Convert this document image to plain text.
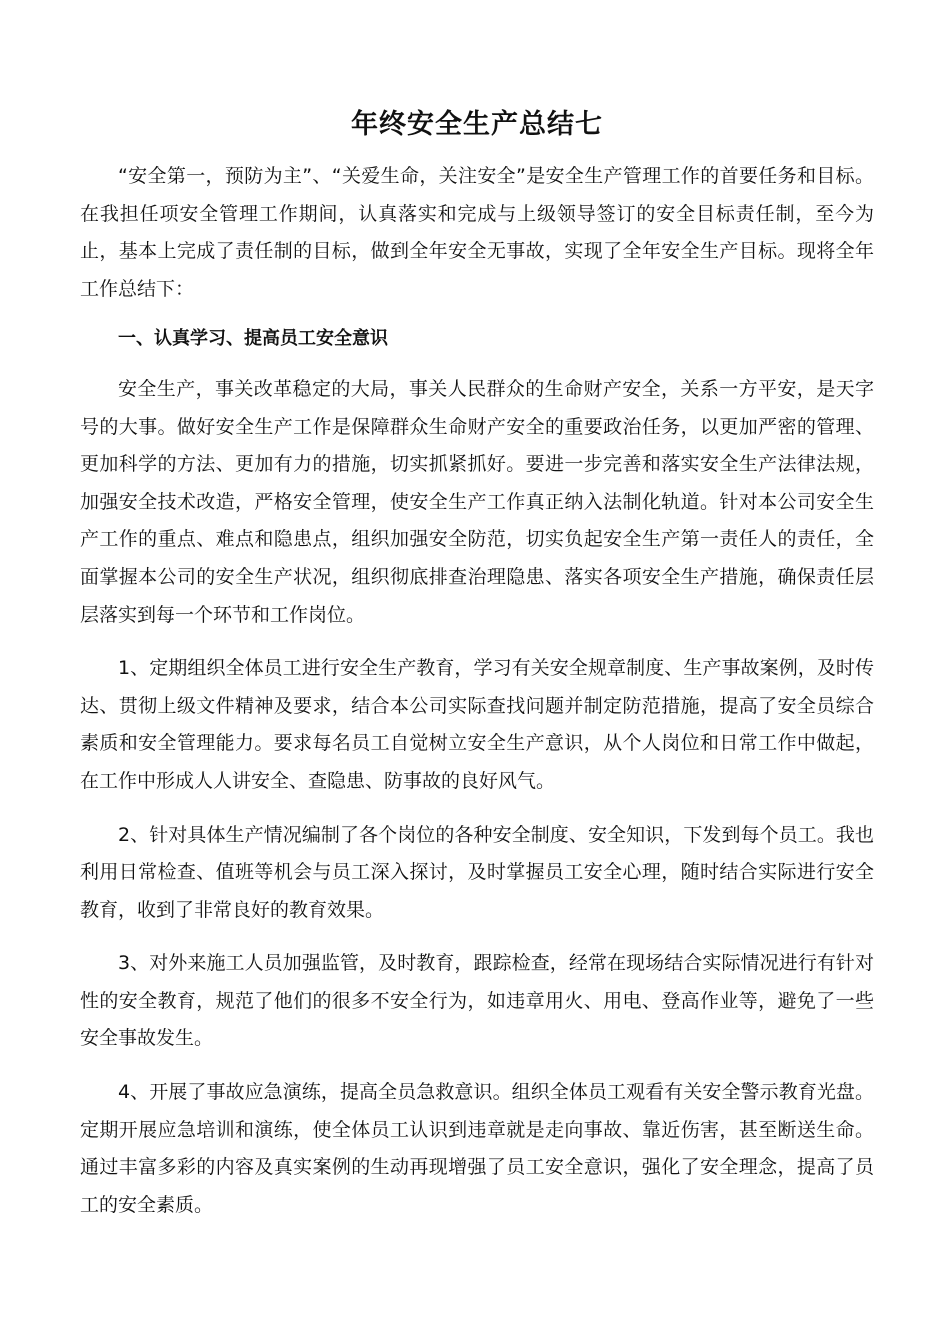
年终安全生产总结七

“安全第一，预防为主”、“关爱生命，关注安全”是安全生产管理工作的首要任务和目标。在我担任项安全管理工作期间，认真落实和完成与上级领导签订的安全目标责任制，至今为止，基本上完成了责任制的目标，做到全年安全无事故，实现了全年安全生产目标。现将全年工作总结下：

一、认真学习、提高员工安全意识

安全生产，事关改革稳定的大局，事关人民群众的生命财产安全，关系一方平安，是天字号的大事。做好安全生产工作是保障群众生命财产安全的重要政治任务，以更加严密的管理、更加科学的方法、更加有力的措施，切实抓紧抓好。要进一步完善和落实安全生产法律法规，加强安全技术改造，严格安全管理，使安全生产工作真正纳入法制化轨道。针对本公司安全生产工作的重点、难点和隐患点，组织加强安全防范，切实负起安全生产第一责任人的责任，全面掌握本公司的安全生产状况，组织彻底排查治理隐患、落实各项安全生产措施，确保责任层层落实到每一个环节和工作岗位。

1、定期组织全体员工进行安全生产教育，学习有关安全规章制度、生产事故案例，及时传达、贯彻上级文件精神及要求，结合本公司实际查找问题并制定防范措施，提高了安全员综合素质和安全管理能力。要求每名员工自觉树立安全生产意识，从个人岗位和日常工作中做起，在工作中形成人人讲安全、查隐患、防事故的良好风气。

2、针对具体生产情况编制了各个岗位的各种安全制度、安全知识，下发到每个员工。我也利用日常检查、值班等机会与员工深入探讨，及时掌握员工安全心理，随时结合实际进行安全教育，收到了非常良好的教育效果。

3、对外来施工人员加强监管，及时教育，跟踪检查，经常在现场结合实际情况进行有针对性的安全教育，规范了他们的很多不安全行为，如违章用火、用电、登高作业等，避免了一些安全事故发生。

4、开展了事故应急演练，提高全员急救意识。组织全体员工观看有关安全警示教育光盘。定期开展应急培训和演练，使全体员工认识到违章就是走向事故、靠近伤害，甚至断送生命。通过丰富多彩的内容及真实案例的生动再现增强了员工安全意识，强化了安全理念，提高了员工的安全素质。
